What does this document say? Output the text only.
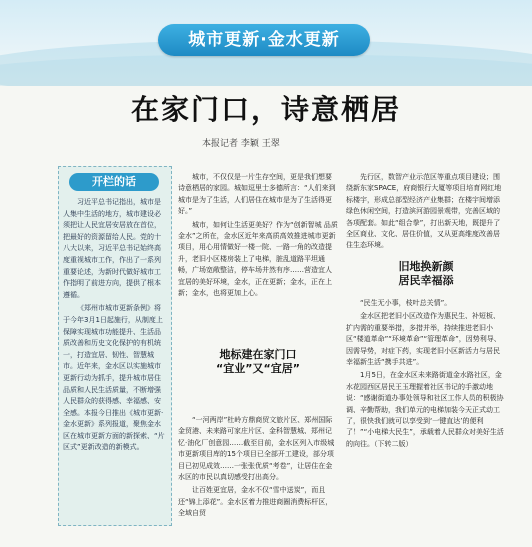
城市更新·金水更新
在家门口，诗意栖居
本报记者 李颖 王翠
开栏的话

习近平总书记指出，城市是人集中生活的地方，城市建设必须把让人民宜居安居放在首位，把最好的资源留给人民。党的十八大以来，习近平总书记始终高度重视城市工作，作出了一系列重要论述，为新时代做好城市工作指明了前进方向，提供了根本遵循。

《郑州市城市更新条例》将于今年3月1日起施行，从制度上保障实现城市功能提升、生活品质改善和历史文化保护的有机统一，打造宜居、韧性、智慧城市。近年来，金水区以实施城市更新行动为抓手，提升城市居住品质和人民生活质量，不断增强人民群众的获得感、幸福感、安全感。本报今日推出《城市更新·金水更新》系列报道，聚焦金水区在城市更新方面的新探索、“片区式”更新改造的新模式。

城市，不仅仅是一片生存空间，更是我们想要诗意栖居的家园。城如逗里士多德所言：“人们来到城市是为了生活，人们居住在城市是为了生活得更好。”

城市，如何让生活更美好？作为“创新智城 品质金水”之所在，金水区近年来高质高效推进城市更新项目，用心用情做好一楼一院、一路一角的改造提升，老旧小区楼房装上了电梯，脏乱道路平坦通畅，广场宽敞整洁，停车场井然有序……营造宜人宜居的美好环境，金水，正在更新；金水，正在上新；金水，也将更加上心。

地标建在家门口
“宜业”又“宜居”

“一河两岸”杜岭方鼎商贸文旅片区、郑州国际金贸港、未来路可家庄片区、金科智慧城、郑州记忆·油化厂创意园……截至目前，金水区列入市级城市更新项目库的15个项目已全部开工建设，部分项目已初见成效……一张张优质“考卷”，让居住在金水区的市民以真切感受打出高分。

让百姓更宜居，金水不仅“雪中送炭”，而且还“锦上添花”。金水区着力推进商圈消费标杆区，全域自贸

先行区，数智产业示范区等重点项目建设；围绕新东家SPACE，府商银行大厦等项目培育网红地标楼宇，形成总部型经济产业集群；在楼宇间增添绿色休闲空间，打造滨河游园景观带，完善区域的各项配套。如此“组合拳”，打出新天地，既提升了全区商业、文化、居住价值，又从更高维度改善居住生态环境。

旧地换新颜
居民幸福添

“民生无小事，枝叶总关情”。

金水区把老旧小区改造作为惠民生、补短板、扩内需的重要举措，多措并举，持续推进老旧小区“楼道革命”“环境革命”“管理革命”，因势利导、因需导势，对症下药，实现老旧小区新活力与居民幸福新生活“携手共进”。

1月5日，在金水区未来路街道金水路社区，金水花园西区居民王玉理握着社区书记的手激动地说：“感谢街道办事处领导和社区工作人员的积极协调、辛勤帮助，我们单元的电梯加装今天正式动工了，很快我们就可以享受到‘一键直达’的便利了！”“小电梯大民生”，承载着人民群众对美好生活的向往。（下转二版）
